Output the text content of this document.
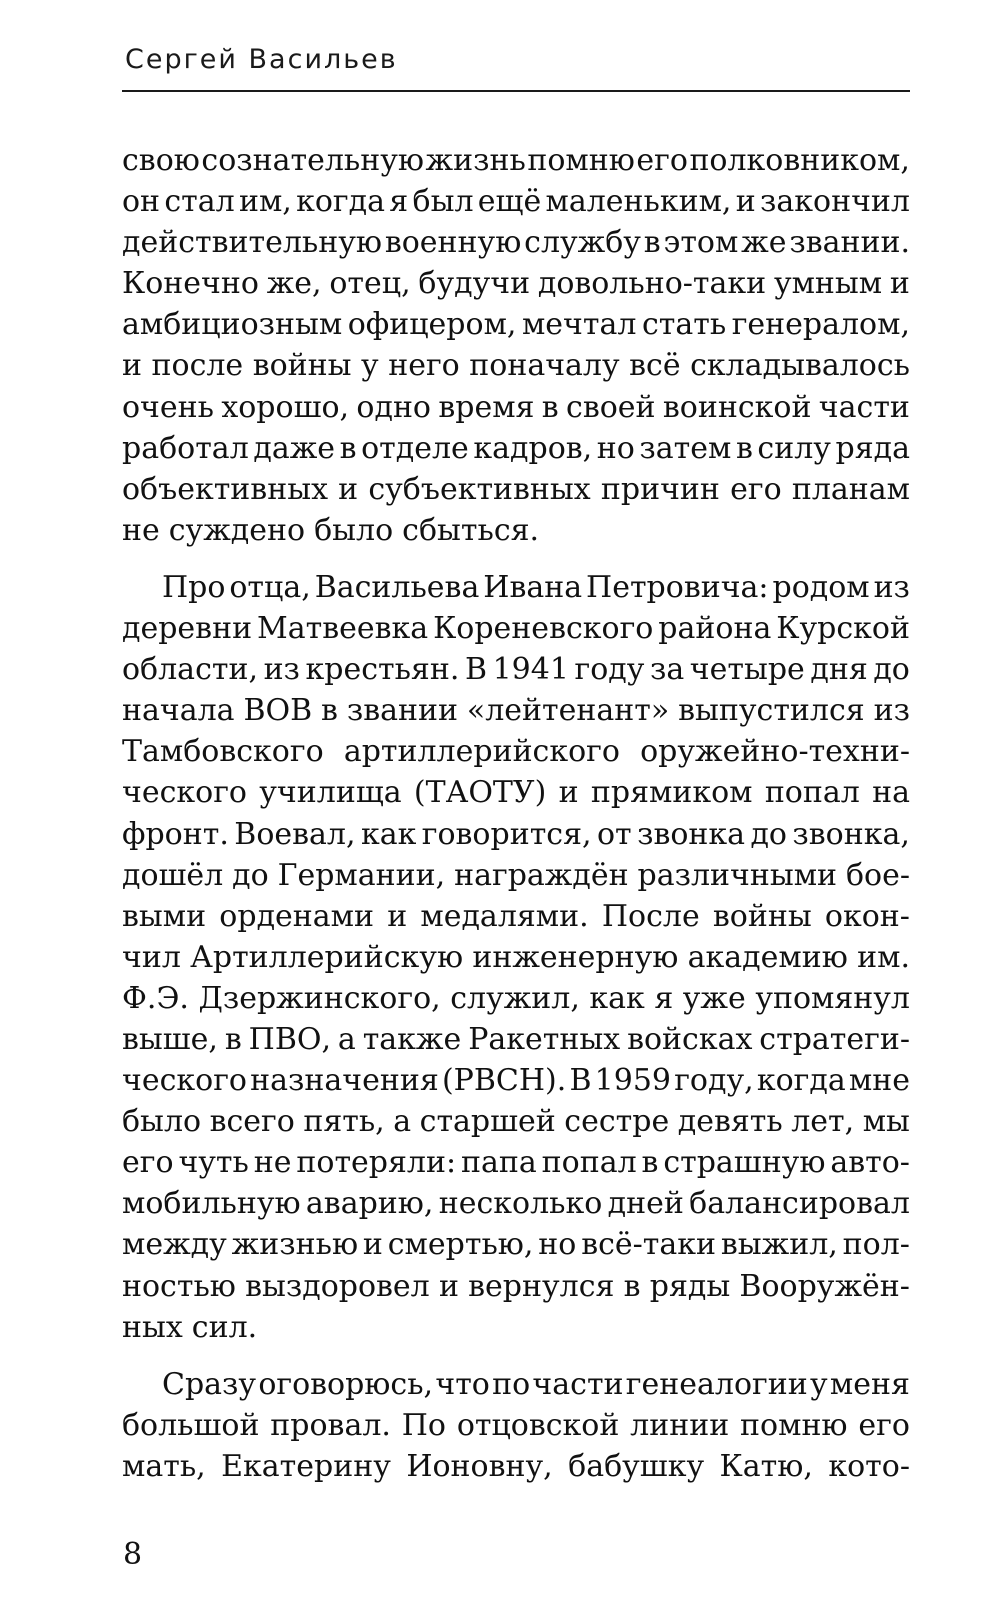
Сергей Васильев
свою сознательную жизнь помню его полковником,
он стал им, когда я был ещё маленьким, и закончил
действительную военную службу в этом же звании.
Конечно же, отец, будучи довольно-таки умным и
амбициозным офицером, мечтал стать генералом,
и после войны у него поначалу всё складывалось
очень хорошо, одно время в своей воинской части
работал даже в отделе кадров, но затем в силу ряда
объективных и субъективных причин его планам
не суждено было сбыться.
Про отца, Васильева Ивана Петровича: родом из
деревни Матвеевка Кореневского района Курской
области, из крестьян. В 1941 году за четыре дня до
начала ВОВ в звании «лейтенант» выпустился из
Тамбовского артиллерийского оружейно-техни-
ческого училища (ТАОТУ) и прямиком попал на
фронт. Воевал, как говорится, от звонка до звонка,
дошёл до Германии, награждён различными бое-
выми орденами и медалями. После войны окон-
чил Артиллерийскую инженерную академию им.
Ф.Э. Дзержинского, служил, как я уже упомянул
выше, в ПВО, а также Ракетных войсках стратеги-
ческого назначения (РВСН). В 1959 году, когда мне
было всего пять, а старшей сестре девять лет, мы
его чуть не потеряли: папа попал в страшную авто-
мобильную аварию, несколько дней балансировал
между жизнью и смертью, но всё-таки выжил, пол-
ностью выздоровел и вернулся в ряды Вооружён-
ных сил.
Сразу оговорюсь, что по части генеалогии у меня
большой провал. По отцовской линии помню его
мать, Екатерину Ионовну, бабушку Катю, кото-
8
